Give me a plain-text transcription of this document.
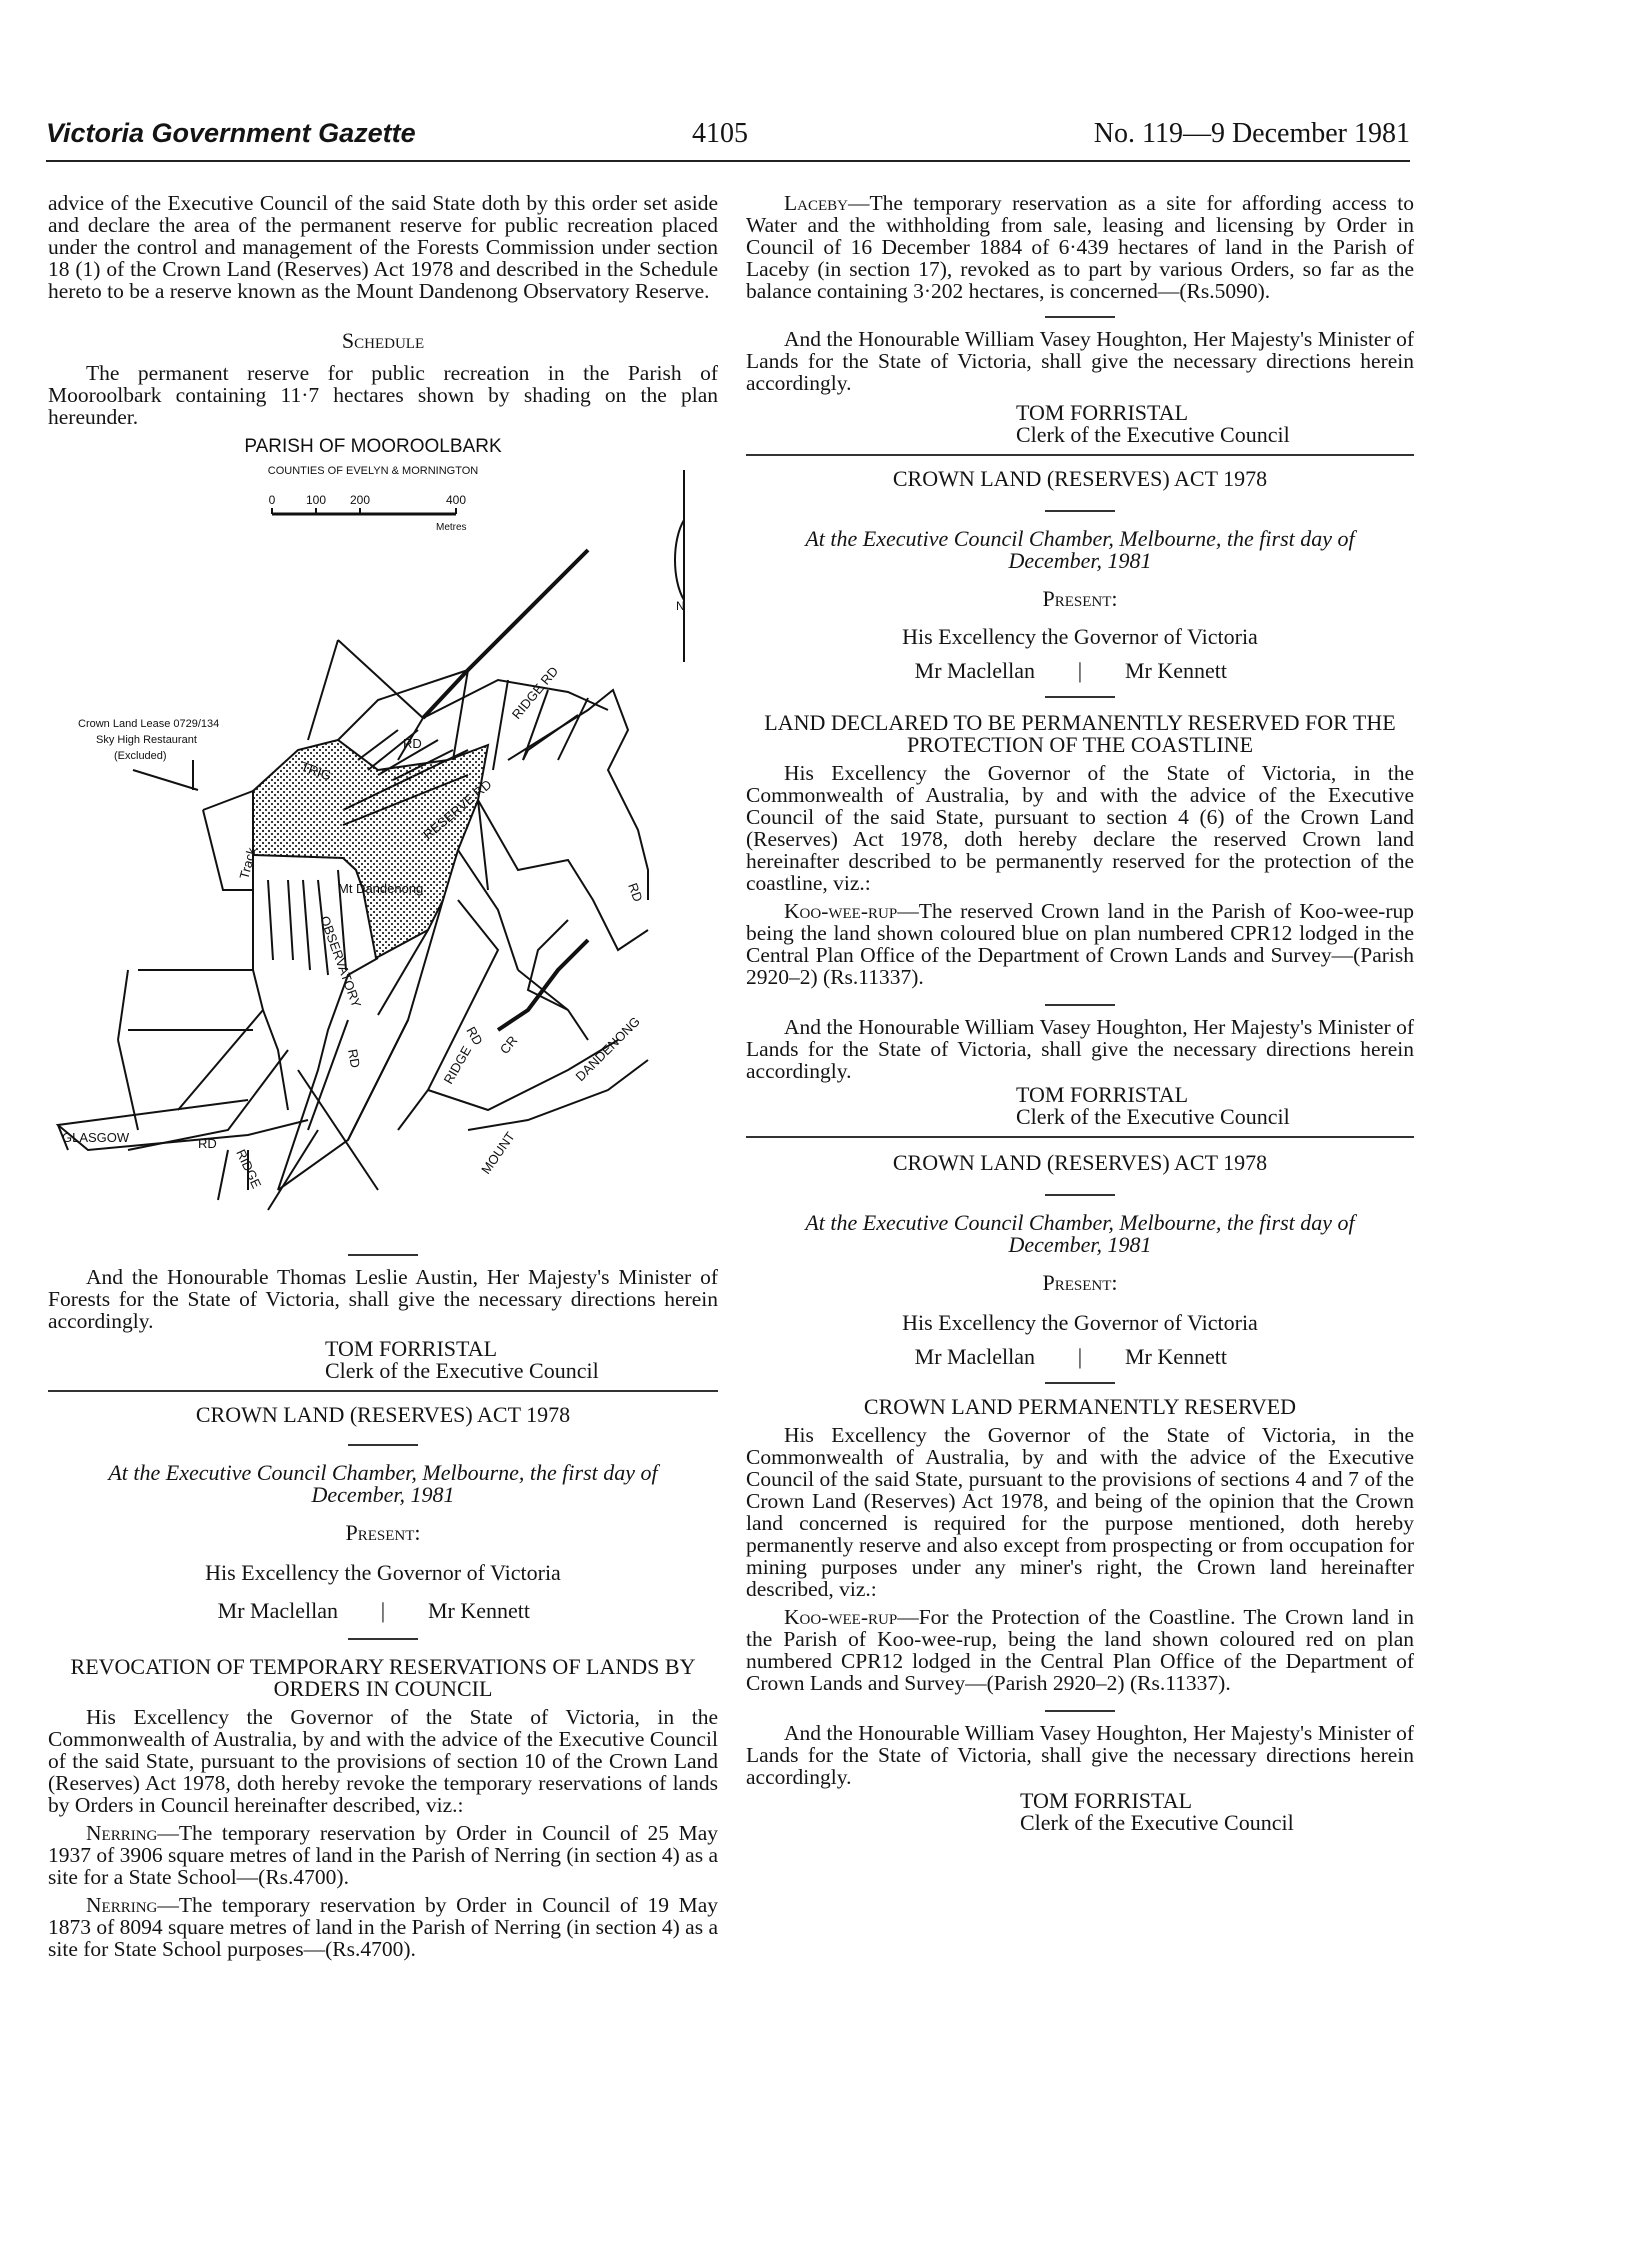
Victoria Government Gazette	4105	No. 119—9 December 1981

advice of the Executive Council of the said State doth by this order set aside and declare the area of the permanent reserve for public recreation placed under the control and management of the Forests Commission under section 18 (1) of the Crown Land (Reserves) Act 1978 and described in the Schedule hereto to be a reserve known as the Mount Dandenong Observatory Reserve.

Schedule

The permanent reserve for public recreation in the Parish of Mooroolbark containing 11·7 hectares shown by shading on the plan hereunder.

PARISH OF MOOROOLBARK
COUNTIES OF EVELYN & MORNINGTON
0	100 200	400
Metres
N
Crown Land Lease 0729/134
Sky High Restaurant
(Excluded)
Mt Dandenong
TRIG
RD
RIDGE RD
RESERVE RD
Track
OBSERVATORY
RD
RD
RD CR
RIDGE	DANDENONG
MOUNT
GLASGOW	RD
RIDGE

And the Honourable Thomas Leslie Austin, Her Majesty's Minister of Forests for the State of Victoria, shall give the necessary directions herein accordingly.

TOM FORRISTAL
Clerk of the Executive Council

CROWN LAND (RESERVES) ACT 1978

At the Executive Council Chamber, Melbourne, the first day of December, 1981

Present:

His Excellency the Governor of Victoria

Mr Maclellan	|	Mr Kennett

REVOCATION OF TEMPORARY RESERVATIONS OF LANDS BY ORDERS IN COUNCIL

His Excellency the Governor of the State of Victoria, in the Commonwealth of Australia, by and with the advice of the Executive Council of the said State, pursuant to the provisions of section 10 of the Crown Land (Reserves) Act 1978, doth hereby revoke the temporary reservations of lands by Orders in Council hereinafter described, viz.:

Nerring—The temporary reservation by Order in Council of 25 May 1937 of 3906 square metres of land in the Parish of Nerring (in section 4) as a site for a State School—(Rs.4700).

Nerring—The temporary reservation by Order in Council of 19 May 1873 of 8094 square metres of land in the Parish of Nerring (in section 4) as a site for State School purposes—(Rs.4700).

Laceby—The temporary reservation as a site for affording access to Water and the withholding from sale, leasing and licensing by Order in Council of 16 December 1884 of 6·439 hectares of land in the Parish of Laceby (in section 17), revoked as to part by various Orders, so far as the balance containing 3·202 hectares, is concerned—(Rs.5090).

And the Honourable William Vasey Houghton, Her Majesty's Minister of Lands for the State of Victoria, shall give the necessary directions herein accordingly.

TOM FORRISTAL
Clerk of the Executive Council

CROWN LAND (RESERVES) ACT 1978

At the Executive Council Chamber, Melbourne, the first day of December, 1981

Present:

His Excellency the Governor of Victoria

Mr Maclellan	|	Mr Kennett

LAND DECLARED TO BE PERMANENTLY RESERVED FOR THE PROTECTION OF THE COASTLINE

His Excellency the Governor of the State of Victoria, in the Commonwealth of Australia, by and with the advice of the Executive Council of the said State, pursuant to section 4 (6) of the Crown Land (Reserves) Act 1978, doth hereby declare the reserved Crown land hereinafter described to be permanently reserved for the protection of the coastline, viz.:

Koo-wee-rup—The reserved Crown land in the Parish of Koo-wee-rup being the land shown coloured blue on plan numbered CPR12 lodged in the Central Plan Office of the Department of Crown Lands and Survey—(Parish 2920–2) (Rs.11337).

And the Honourable William Vasey Houghton, Her Majesty's Minister of Lands for the State of Victoria, shall give the necessary directions herein accordingly.

TOM FORRISTAL
Clerk of the Executive Council

CROWN LAND (RESERVES) ACT 1978

At the Executive Council Chamber, Melbourne, the first day of December, 1981

Present:

His Excellency the Governor of Victoria

Mr Maclellan	|	Mr Kennett

CROWN LAND PERMANENTLY RESERVED

His Excellency the Governor of the State of Victoria, in the Commonwealth of Australia, by and with the advice of the Executive Council of the said State, pursuant to the provisions of sections 4 and 7 of the Crown Land (Reserves) Act 1978, and being of the opinion that the Crown land concerned is required for the purpose mentioned, doth hereby permanently reserve and also except from prospecting or from occupation for mining purposes under any miner's right, the Crown land hereinafter described, viz.:

Koo-wee-rup—For the Protection of the Coastline. The Crown land in the Parish of Koo-wee-rup, being the land shown coloured red on plan numbered CPR12 lodged in the Central Plan Office of the Department of Crown Lands and Survey—(Parish 2920–2) (Rs.11337).

And the Honourable William Vasey Houghton, Her Majesty's Minister of Lands for the State of Victoria, shall give the necessary directions herein accordingly.

TOM FORRISTAL
Clerk of the Executive Council
